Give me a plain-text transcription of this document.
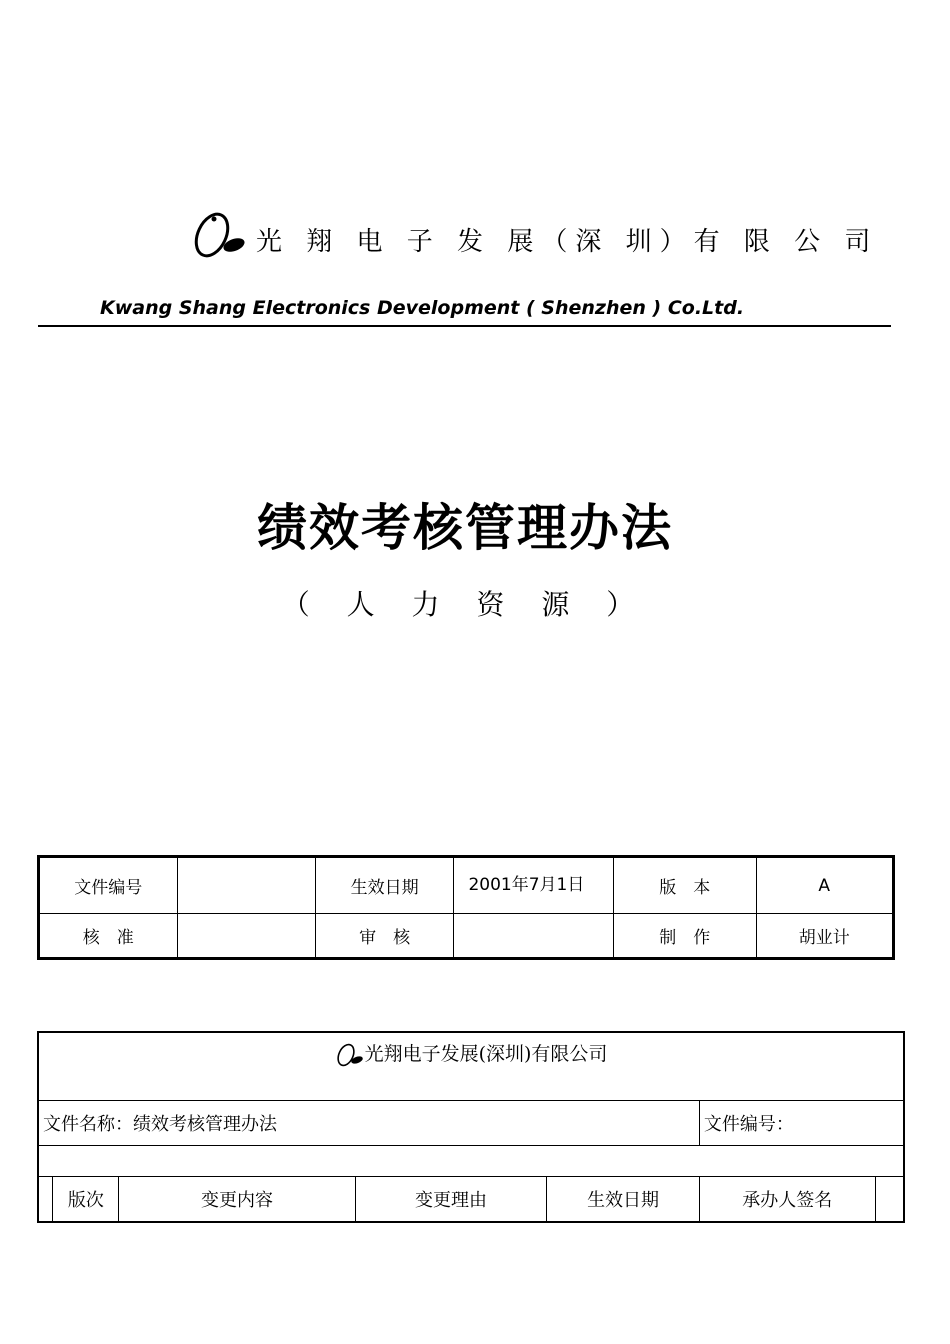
光 翔 电 子 发 展（深 圳）有 限 公 司
Kwang Shang Electronics Development ( Shenzhen ) Co.Ltd.
绩效考核管理办法
（ 人 力 资 源 ）
文件编号		生效日期	2001年7月1日	版　本	A
核　准		审　核		制　作	胡业计
光翔电子发展(深圳)有限公司						
文件名称：绩效考核管理办法					文件编号：	

	版次	变更内容	变更理由	生效日期	承办人签名	
